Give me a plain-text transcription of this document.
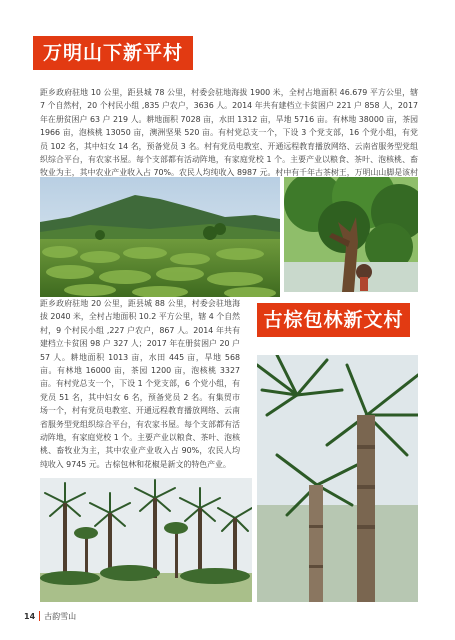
万明山下新平村

距乡政府驻地 10 公里，距县城 78 公里，村委会驻地海拔 1900 米，全村占地面积 46.679 平方公里，辖 7 个自然村，20 个村民小组 ,835 户农户，3636 人。2014 年共有建档立卡贫困户 221 户 858 人，2017 年在册贫困户 63 户 219 人。耕地面积 7028 亩，水田 1312 亩，旱地 5716 亩。有林地 38000 亩，茶园 1966 亩，泡核桃 13050 亩，澳洲坚果 520 亩。有村党总支一个，下设 3 个党支部，16 个党小组，有党员 102 名，其中妇女 14 名，预备党员 3 名。村有党员电教室、开通远程教育播放网络、云南省服务型党组织综合平台，有农家书屋。每个支部都有活动阵地，有家庭党校 1 个。主要产业以粮食、茶叶、泡核桃、畜牧业为主，其中农业产业收入占 70%。农民人均纯收入 8987 元。村中有千年古茶树王，万明山山脚是该村

古棕包林新文村

距乡政府驻地 20 公里，距县城 88 公里，村委会驻地海拔 2040 米，全村占地面积 10.2 平方公里，辖 4 个自然村，9 个村民小组 ,227 户农户，867 人。2014 年共有建档立卡贫困 98 户 327 人；2017 年在册贫困户 20 户 57 人。耕地面积 1013 亩，水田 445 亩，旱地 568 亩。有林地 16000 亩，茶园 1200 亩，泡核桃 3327 亩。有村党总支一个，下设 1 个党支部，6 个党小组，有党员 51 名，其中妇女 6 名，预备党员 2 名。有集贸市场一个，村有党员电教室、开通远程教育播放网络、云南省服务型党组织综合平台，有农家书屋。每个支部都有活动阵地，有家庭党校 1 个。主要产业以粮食、茶叶、泡核桃、畜牧业为主，其中农业产业收入占 90%，农民人均纯收入 9745 元。古棕包林和花椒是新文的特色产业。

14 古韵雪山
